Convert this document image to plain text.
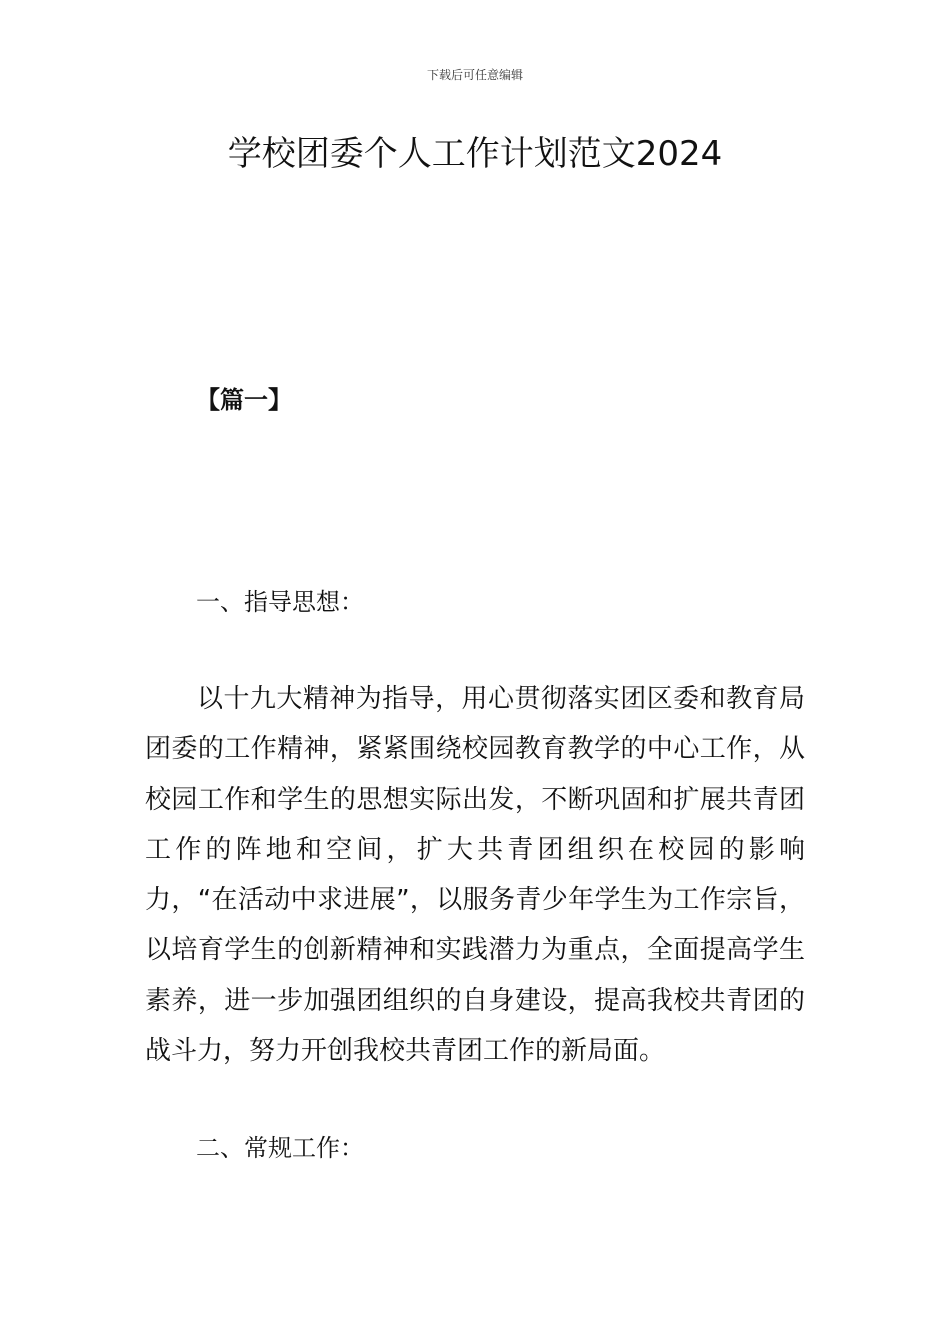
下载后可任意编辑
学校团委个人工作计划范文2024
【篇一】
一、指导思想：

以十九大精神为指导，用心贯彻落实团区委和教育局团委的工作精神，紧紧围绕校园教育教学的中心工作，从校园工作和学生的思想实际出发，不断巩固和扩展共青团工作的阵地和空间，扩大共青团组织在校园的影响力，“在活动中求进展”，以服务青少年学生为工作宗旨，以培育学生的创新精神和实践潜力为重点，全面提高学生素养，进一步加强团组织的自身建设，提高我校共青团的战斗力，努力开创我校共青团工作的新局面。

二、常规工作：
